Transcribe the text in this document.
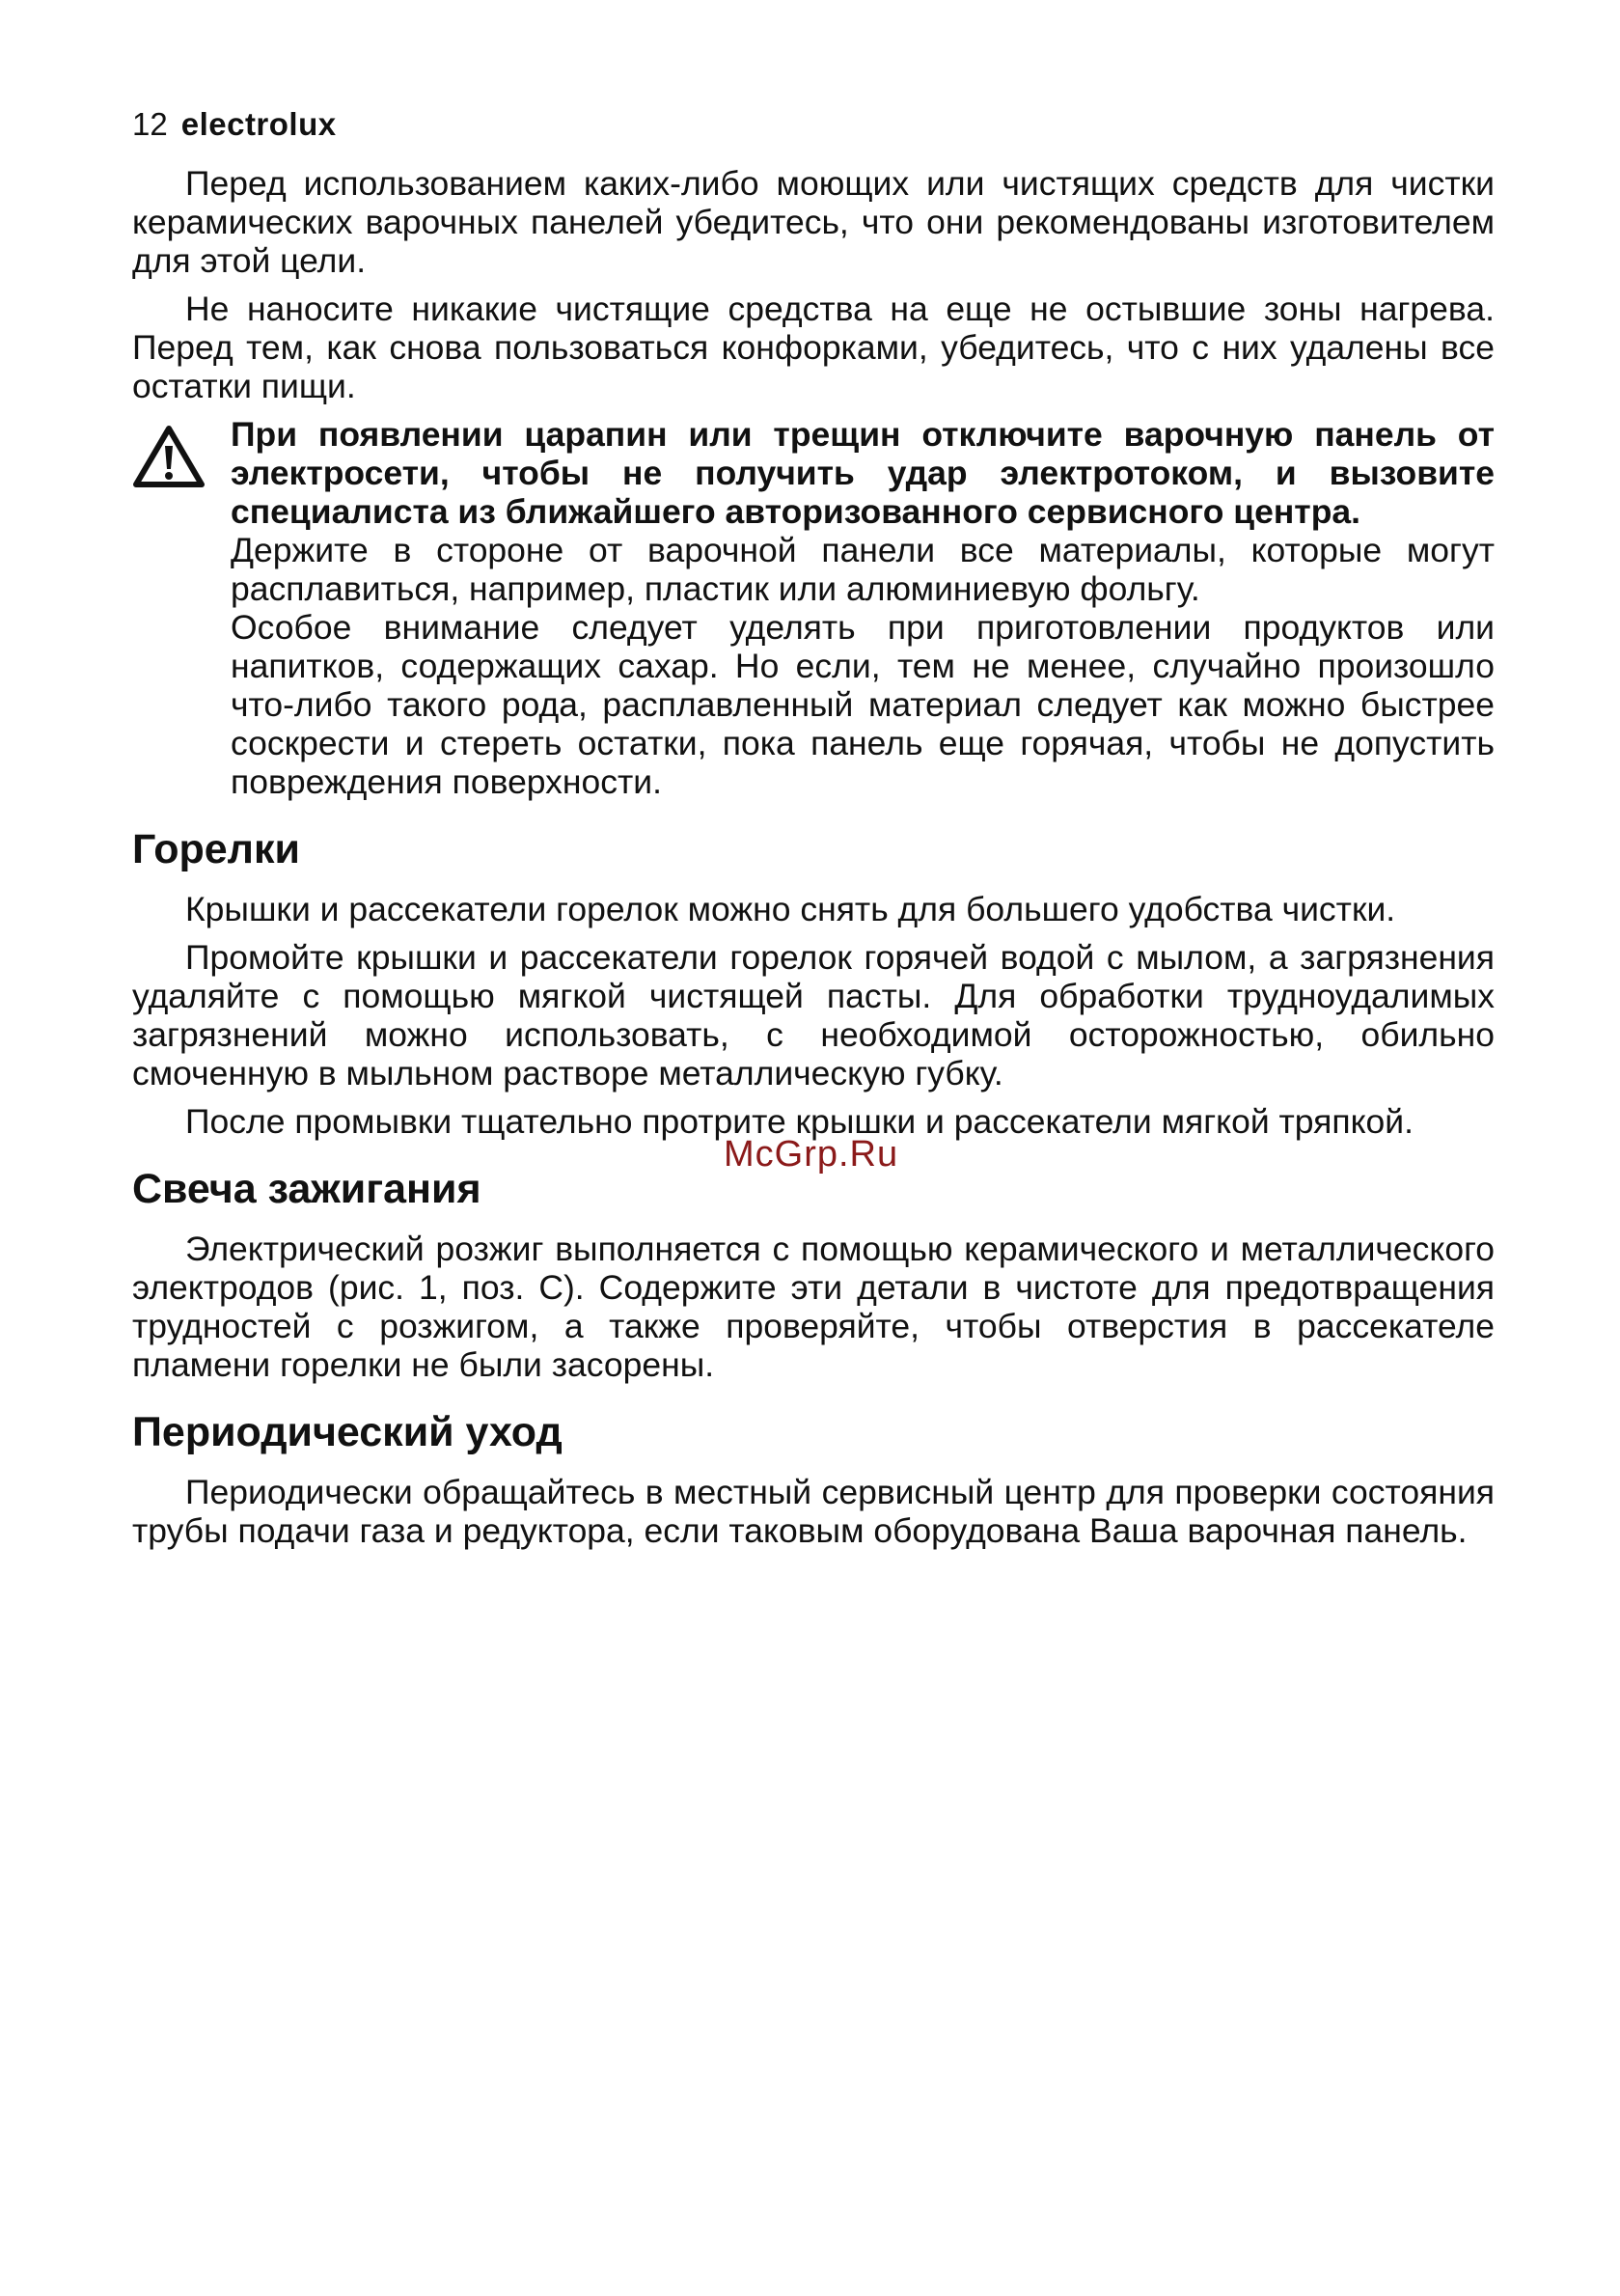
12 electrolux

Перед использованием каких-либо моющих или чистящих средств для чистки керамических варочных панелей убедитесь, что они рекомендованы изготовителем для этой цели.

Не наносите никакие чистящие средства на еще не остывшие зоны нагрева. Перед тем, как снова пользоваться конфорками, убедитесь, что с них удалены все остатки пищи.

При появлении царапин или трещин отключите варочную панель от электросети, чтобы не получить удар электротоком, и вызовите специалиста из ближайшего авторизованного сервисного центра.

Держите в стороне от варочной панели все материалы, которые могут расплавиться, например, пластик или алюминиевую фольгу.

Особое внимание следует уделять при приготовлении продуктов или напитков, содержащих сахар. Но если, тем не менее, случайно произошло что-либо такого рода, расплавленный материал следует как можно быстрее соскрести и стереть остатки, пока панель еще горячая, чтобы не допустить повреждения поверхности.

Горелки

Крышки и рассекатели горелок можно снять для большего удобства чистки.

Промойте крышки и рассекатели горелок горячей водой с мылом, а загрязнения удаляйте с помощью мягкой чистящей пасты. Для обработки трудноудалимых загрязнений можно использовать, с необходимой осторожностью, обильно смоченную в мыльном растворе металлическую губку.

После промывки тщательно протрите крышки и рассекатели мягкой тряпкой.

Свеча зажигания

Электрический розжиг выполняется с помощью керамического и металлического электродов (рис. 1, поз. С). Содержите эти детали в чистоте для предотвращения трудностей с розжигом, а также проверяйте, чтобы отверстия в рассекателе пламени горелки не были засорены.

Периодический уход

Периодически обращайтесь в местный сервисный центр для проверки состояния трубы подачи газа и редуктора, если таковым оборудована Ваша варочная панель.

McGrp.Ru
